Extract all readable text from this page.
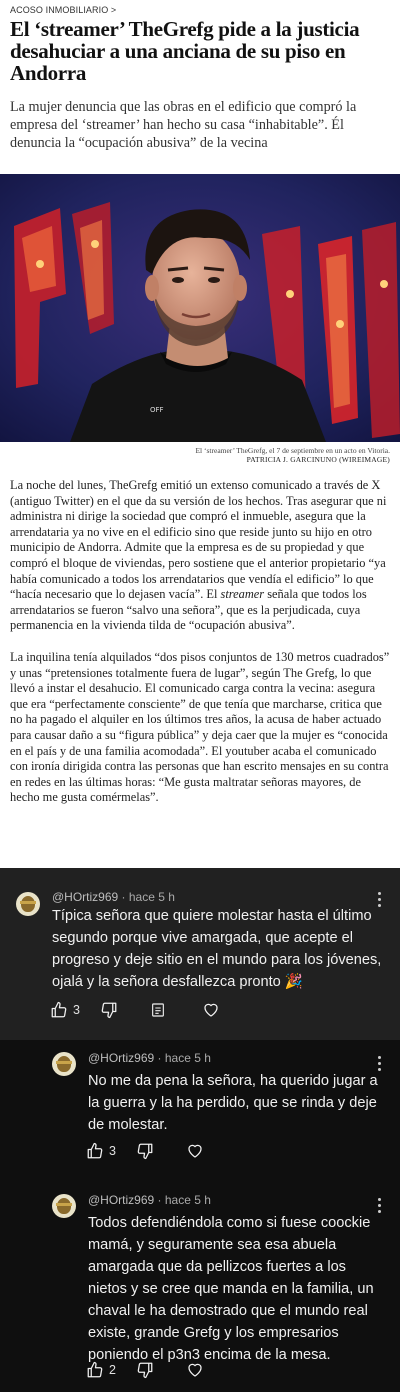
ACOSO INMOBILIARIO >
El ‘streamer’ TheGrefg pide a la justicia desahuciar a una anciana de su piso en Andorra

La mujer denuncia que las obras en el edificio que compró la empresa del ‘streamer’ han hecho su casa “inhabitable”. Él denuncia la “ocupación abusiva” de la vecina

OFF
El ‘streamer’ TheGrefg, el 7 de septiembre en un acto en Vitoria.
PATRICIA J. GARCINUNO (WIREIMAGE)

La noche del lunes, TheGrefg emitió un extenso comunicado a través de X (antiguo Twitter) en el que da su versión de los hechos. Tras asegurar que ni administra ni dirige la sociedad que compró el inmueble, asegura que la arrendataria ya no vive en el edificio sino que reside junto su hijo en otro municipio de Andorra. Admite que la empresa es de su propiedad y que compró el bloque de viviendas, pero sostiene que el anterior propietario “ya había comunicado a todos los arrendatarios que vendía el edificio” lo que “hacía necesario que lo dejasen vacía”. El streamer señala que todos los arrendatarios se fueron “salvo una señora”, que es la perjudicada, cuya permanencia en la vivienda tilda de “ocupación abusiva”.

La inquilina tenía alquilados “dos pisos conjuntos de 130 metros cuadrados” y unas “pretensiones totalmente fuera de lugar”, según The Grefg, lo que llevó a instar el desahucio. El comunicado carga contra la vecina: asegura que era “perfectamente consciente” de que tenía que marcharse, critica que no ha pagado el alquiler en los últimos tres años, la acusa de haber actuado para causar daño a su “figura pública” y deja caer que la mujer es “conocida en el país y de una familia acomodada”. El youtuber acaba el comunicado con ironía dirigida contra las personas que han escrito mensajes en su contra en redes en las últimas horas: “Me gusta maltratar señoras mayores, de hecho me gusta comérmelas”.

@HOrtiz969 · hace 5 h
Típica señora que quiere molestar hasta el último segundo porque vive amargada, que acepte el progreso y deje sitio en el mundo para los jóvenes, ojalá y la señora desfallezca pronto 🎉
3
@HOrtiz969 · hace 5 h
No me da pena la señora, ha querido jugar a la guerra y la ha perdido, que se rinda y deje de molestar.
3
@HOrtiz969 · hace 5 h
Todos defendiéndola como si fuese coockie mamá, y seguramente sea esa abuela amargada que da pellizcos fuertes a los nietos y se cree que manda en la familia, un chaval le ha demostrado que el mundo real existe, grande Grefg y los empresarios poniendo el p3n3 encima de la mesa.
2
